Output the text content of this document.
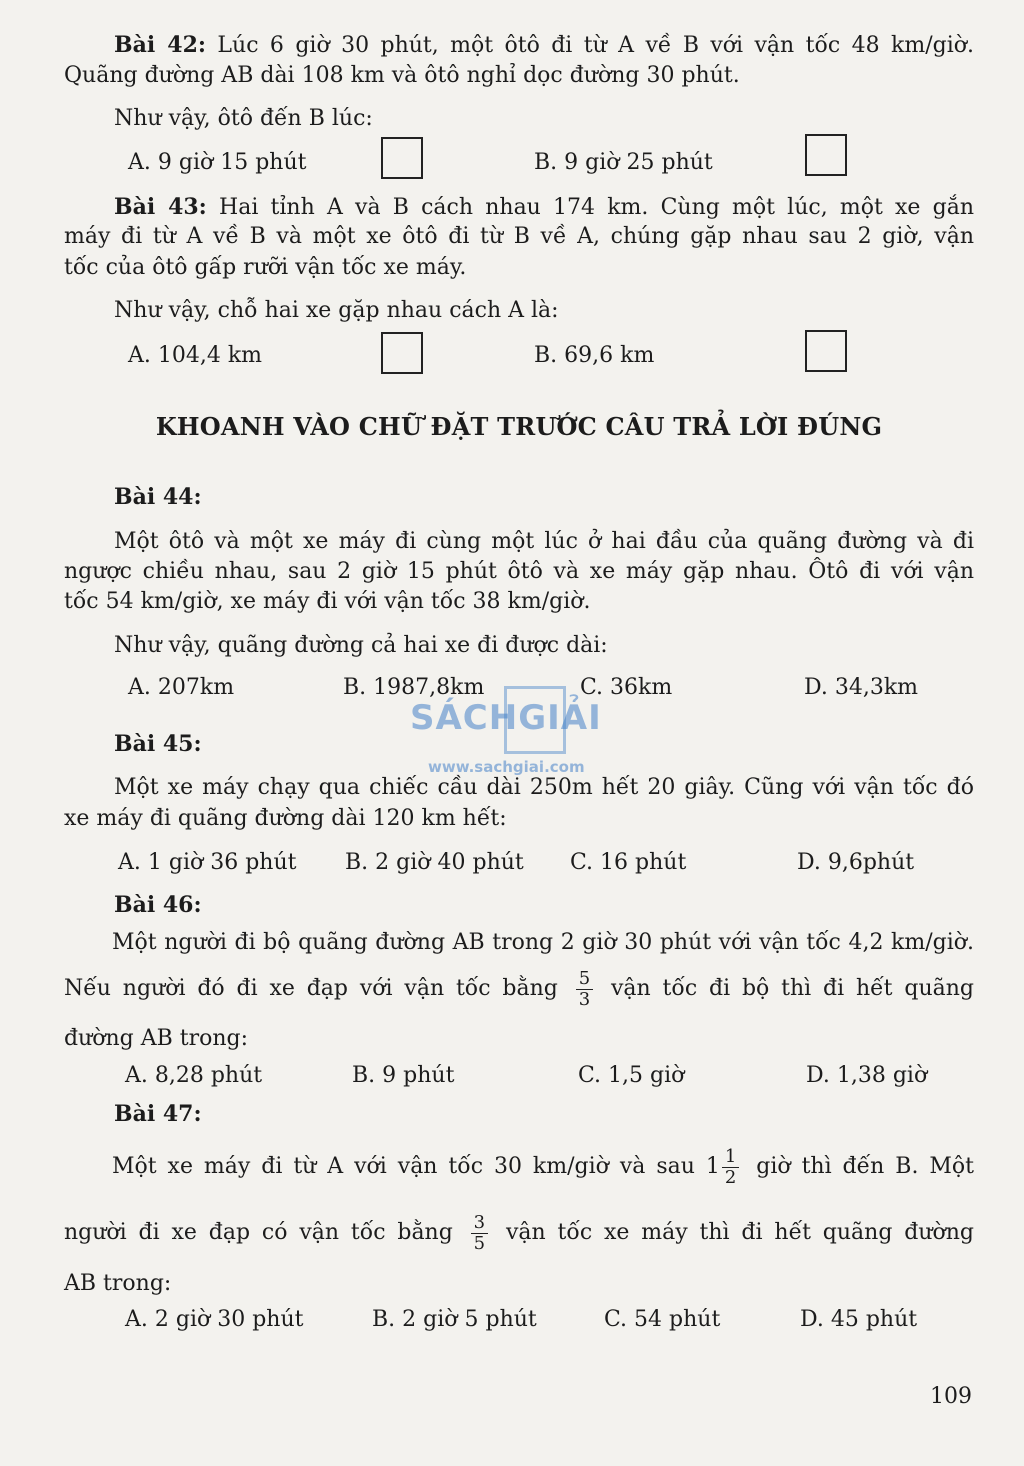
Bài 42: Lúc 6 giờ 30 phút, một ôtô đi từ A về B với vận tốc 48 km/giờ.
Quãng đường AB dài 108 km và ôtô nghỉ dọc đường 30 phút.
Như vậy, ôtô đến B lúc:
A. 9 giờ 15 phút	B. 9 giờ 25 phút
Bài 43: Hai tỉnh A và B cách nhau 174 km. Cùng một lúc, một xe gắn
máy đi từ A về B và một xe ôtô đi từ B về A, chúng gặp nhau sau 2 giờ, vận
tốc của ôtô gấp rưỡi vận tốc xe máy.
Như vậy, chỗ hai xe gặp nhau cách A là:
A. 104,4 km	B. 69,6 km
KHOANH VÀO CHỮ ĐẶT TRƯỚC CÂU TRẢ LỜI ĐÚNG
Bài 44:
Một ôtô và một xe máy đi cùng một lúc ở hai đầu của quãng đường và đi
ngược chiều nhau, sau 2 giờ 15 phút ôtô và xe máy gặp nhau. Ôtô đi với vận
tốc 54 km/giờ, xe máy đi với vận tốc 38 km/giờ.
Như vậy, quãng đường cả hai xe đi được dài:
A. 207km	B. 1987,8km	C. 36km	D. 34,3km
Bài 45:
Một xe máy chạy qua chiếc cầu dài 250m hết 20 giây. Cũng với vận tốc đó
xe máy đi quãng đường dài 120 km hết:
A. 1 giờ 36 phút B. 2 giờ 40 phút C. 16 phút	D. 9,6phút
Bài 46:
Một người đi bộ quãng đường AB trong 2 giờ 30 phút với vận tốc 4,2 km/giờ.
Nếu người đó đi xe đạp với vận tốc bằng $\frac{5}{3}$ vận tốc đi bộ thì đi hết quãng
đường AB trong:
A. 8,28 phút	B. 9 phút	C. 1,5 giờ	D. 1,38 giờ
Bài 47:
Một xe máy đi từ A với vận tốc 30 km/giờ và sau $1 \frac{1}{2}$ giờ thì đến B. Một
người đi xe đạp có vận tốc bằng $\frac{3}{5}$ vận tốc xe máy thì đi hết quãng đường
AB trong:
A. 2 giờ 30 phút	B. 2 giờ 5 phút	C. 54 phút	D. 45 phút
SÁCHGIẢI
www.sachgiai.com
109
